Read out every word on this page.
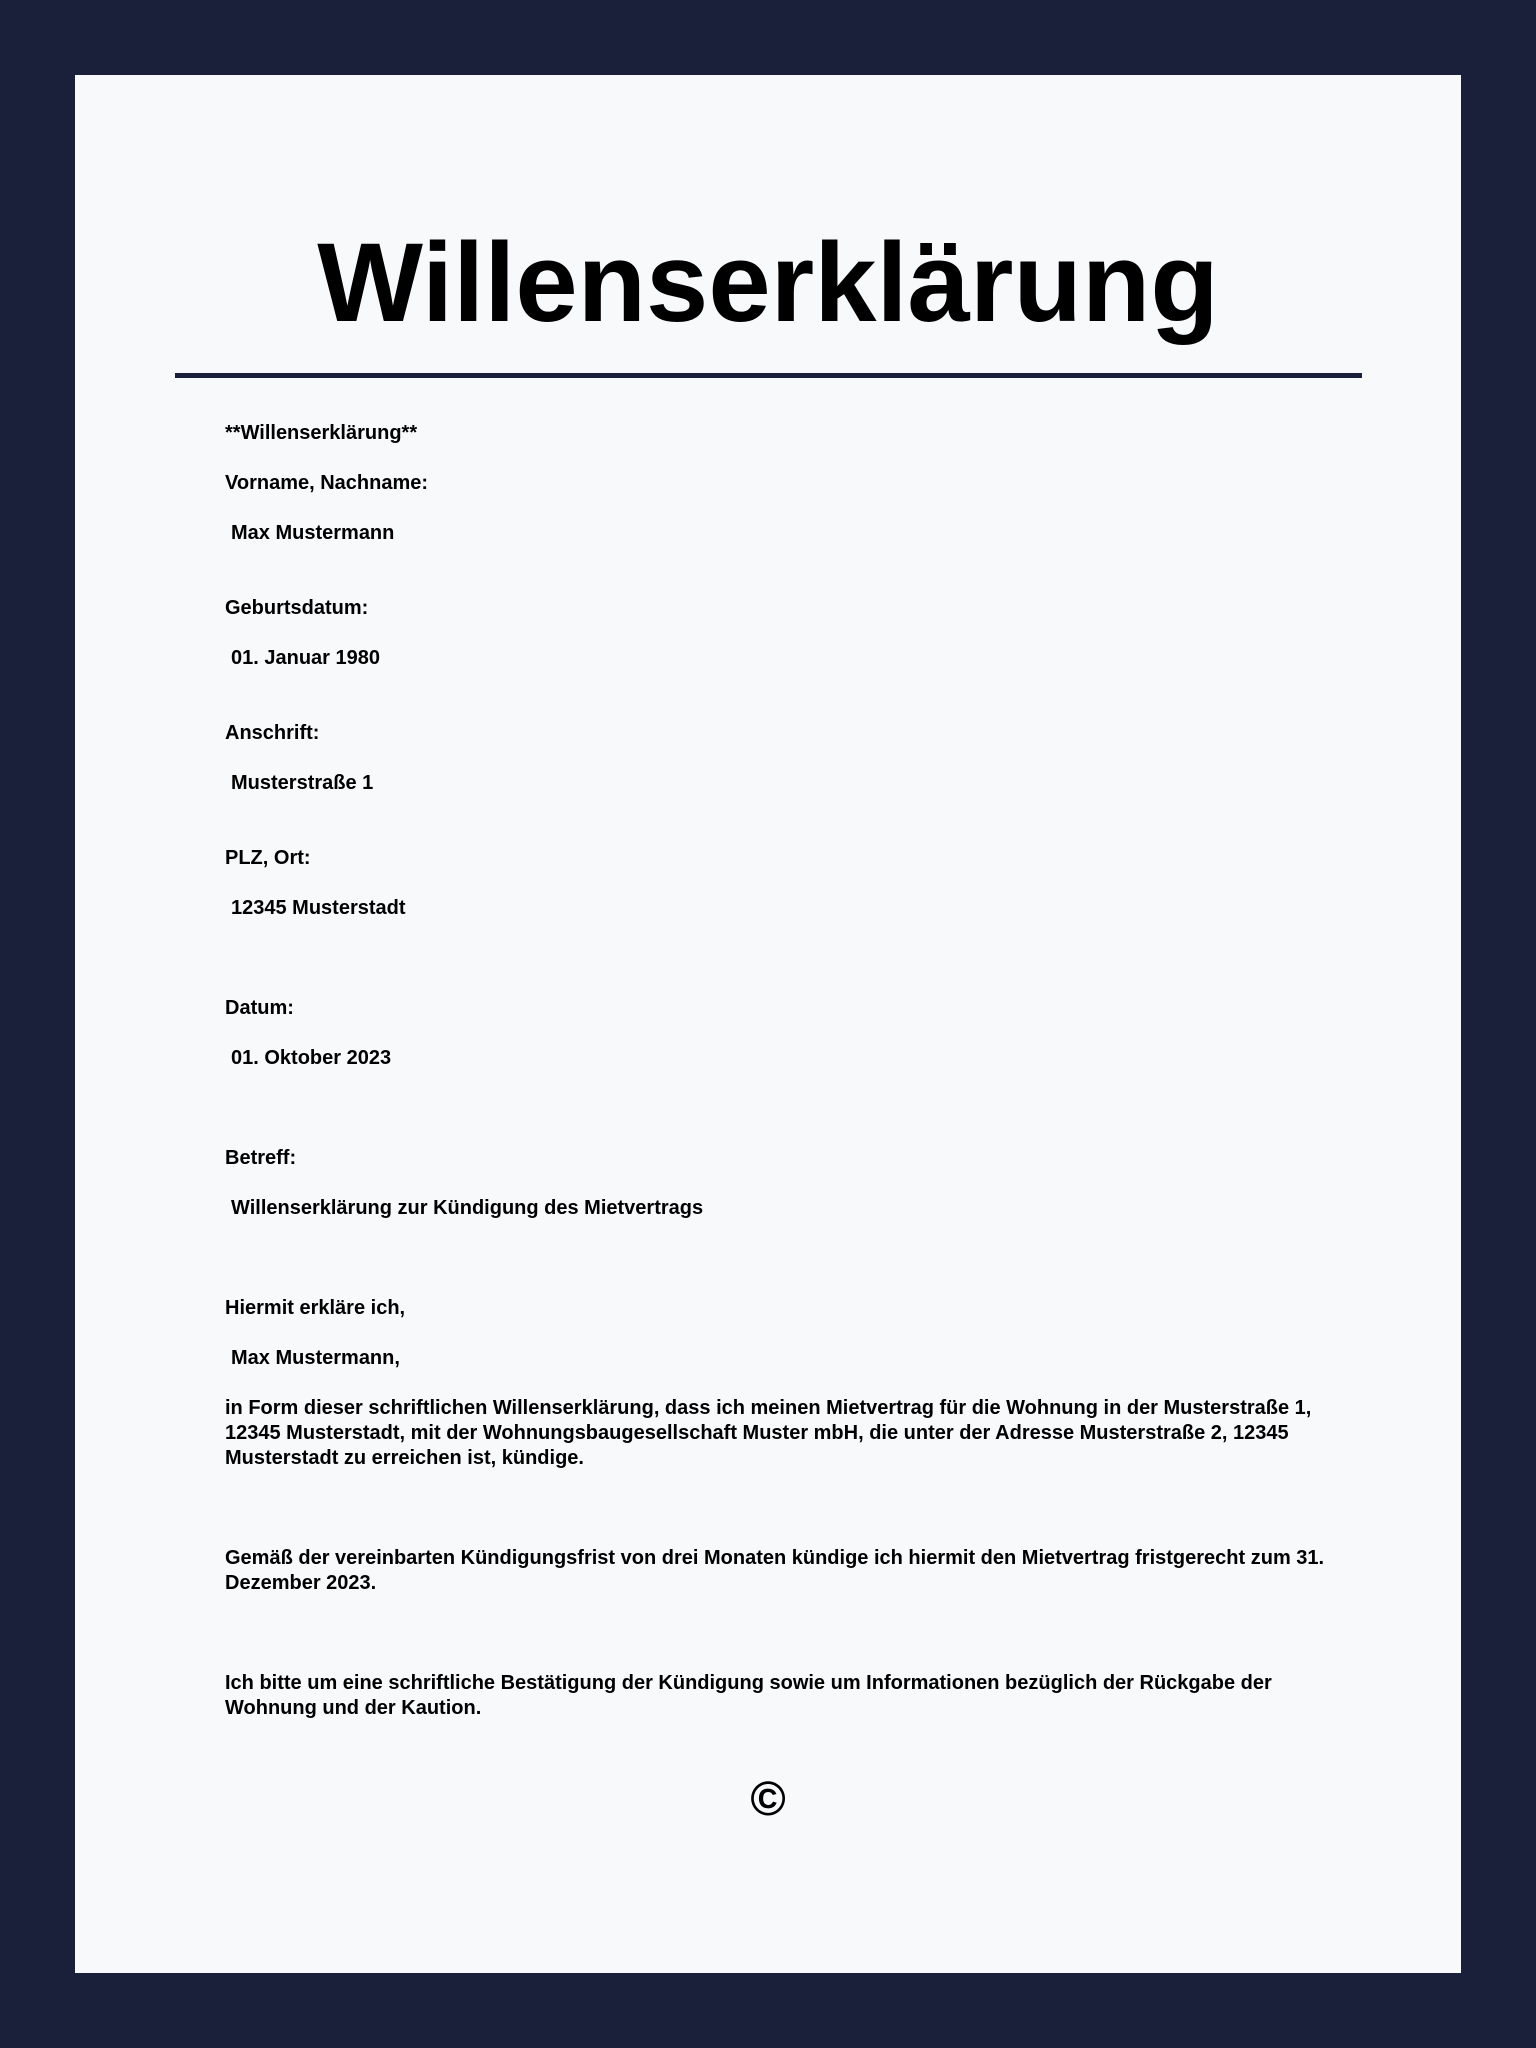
Willenserklärung

**Willenserklärung**

Vorname, Nachname:

Max Mustermann

Geburtsdatum:

01. Januar 1980

Anschrift:

Musterstraße 1

PLZ, Ort:

12345 Musterstadt

Datum:

01. Oktober 2023

Betreff:

Willenserklärung zur Kündigung des Mietvertrags

Hiermit erkläre ich,

Max Mustermann,

in Form dieser schriftlichen Willenserklärung, dass ich meinen Mietvertrag für die Wohnung in der Musterstraße 1, 12345 Musterstadt, mit der Wohnungsbaugesellschaft Muster mbH, die unter der Adresse Musterstraße 2, 12345 Musterstadt zu erreichen ist, kündige.

Gemäß der vereinbarten Kündigungsfrist von drei Monaten kündige ich hiermit den Mietvertrag fristgerecht zum 31. Dezember 2023.

Ich bitte um eine schriftliche Bestätigung der Kündigung sowie um Informationen bezüglich der Rückgabe der Wohnung und der Kaution.

©
